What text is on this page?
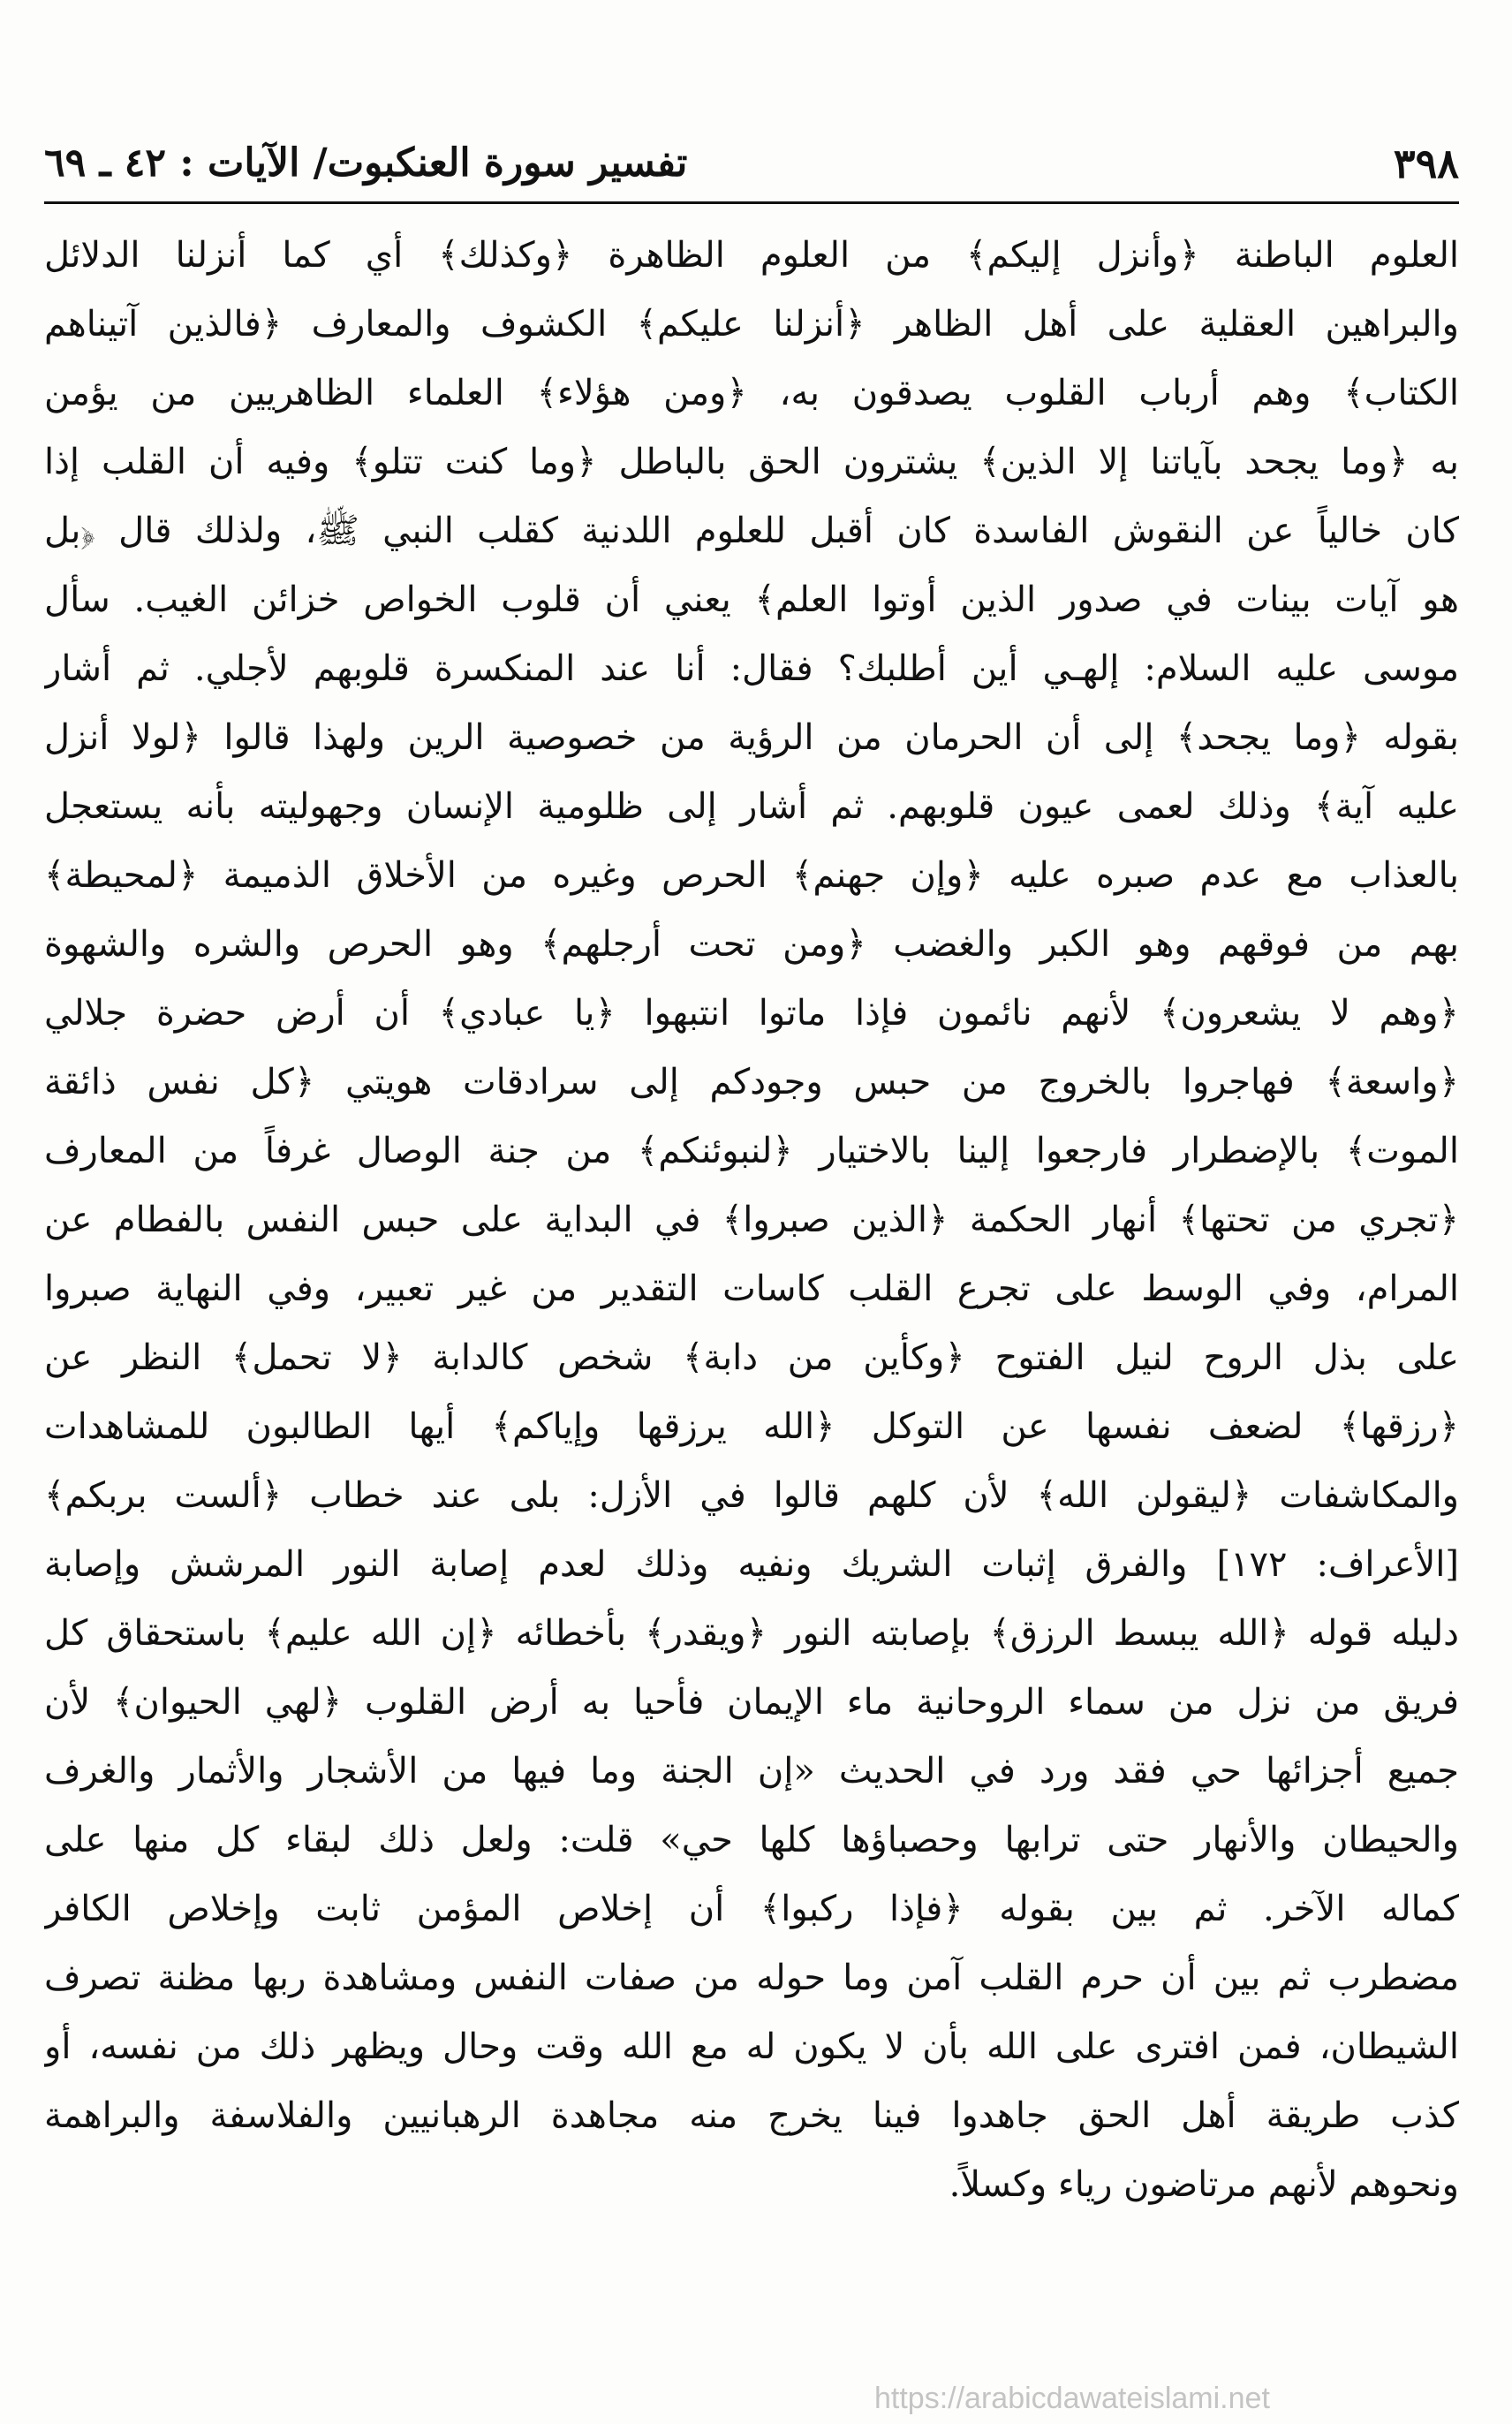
٣٩٨
تفسير سورة العنكبوت/ الآيات : ٤٢ ـ ٦٩
العلوم الباطنة ﴿وأنزل إليكم﴾ من العلوم الظاهرة ﴿وكذلك﴾ أي كما أنزلنا الدلائل
والبراهين العقلية على أهل الظاهر ﴿أنزلنا عليكم﴾ الكشوف والمعارف ﴿فالذين آتيناهم
الكتاب﴾ وهم أرباب القلوب يصدقون به، ﴿ومن هؤلاء﴾ العلماء الظاهريين من يؤمن
به ﴿وما يجحد بآياتنا إلا الذين﴾ يشترون الحق بالباطل ﴿وما كنت تتلو﴾ وفيه أن القلب إذا
كان خالياً عن النقوش الفاسدة كان أقبل للعلوم اللدنية كقلب النبي ﷺ، ولذلك قال ﴿بل
هو آيات بينات في صدور الذين أوتوا العلم﴾ يعني أن قلوب الخواص خزائن الغيب. سأل
موسى عليه السلام: إلهـي أين أطلبك؟ فقال: أنا عند المنكسرة قلوبهم لأجلي. ثم أشار
بقوله ﴿وما يجحد﴾ إلى أن الحرمان من الرؤية من خصوصية الرين ولهذا قالوا ﴿لولا أنزل
عليه آية﴾ وذلك لعمى عيون قلوبهم. ثم أشار إلى ظلومية الإنسان وجهوليته بأنه يستعجل
بالعذاب مع عدم صبره عليه ﴿وإن جهنم﴾ الحرص وغيره من الأخلاق الذميمة ﴿لمحيطة﴾
بهم من فوقهم وهو الكبر والغضب ﴿ومن تحت أرجلهم﴾ وهو الحرص والشره والشهوة
﴿وهم لا يشعرون﴾ لأنهم نائمون فإذا ماتوا انتبهوا ﴿يا عبادي﴾ أن أرض حضرة جلالي
﴿واسعة﴾ فهاجروا بالخروج من حبس وجودكم إلى سرادقات هويتي ﴿كل نفس ذائقة
الموت﴾ بالإضطرار فارجعوا إلينا بالاختيار ﴿لنبوئنكم﴾ من جنة الوصال غرفاً من المعارف
﴿تجري من تحتها﴾ أنهار الحكمة ﴿الذين صبروا﴾ في البداية على حبس النفس بالفطام عن
المرام، وفي الوسط على تجرع القلب كاسات التقدير من غير تعبير، وفي النهاية صبروا
على بذل الروح لنيل الفتوح ﴿وكأين من دابة﴾ شخص كالدابة ﴿لا تحمل﴾ النظر عن
﴿رزقها﴾ لضعف نفسها عن التوكل ﴿الله يرزقها وإياكم﴾ أيها الطالبون للمشاهدات
والمكاشفات ﴿ليقولن الله﴾ لأن كلهم قالوا في الأزل: بلى عند خطاب ﴿ألست بربكم﴾
[الأعراف: ١٧٢] والفرق إثبات الشريك ونفيه وذلك لعدم إصابة النور المرشش وإصابة
دليله قوله ﴿الله يبسط الرزق﴾ بإصابته النور ﴿ويقدر﴾ بأخطائه ﴿إن الله عليم﴾ باستحقاق كل
فريق من نزل من سماء الروحانية ماء الإيمان فأحيا به أرض القلوب ﴿لهي الحيوان﴾ لأن
جميع أجزائها حي فقد ورد في الحديث «إن الجنة وما فيها من الأشجار والأثمار والغرف
والحيطان والأنهار حتى ترابها وحصباؤها كلها حي» قلت: ولعل ذلك لبقاء كل منها على
كماله الآخر. ثم بين بقوله ﴿فإذا ركبوا﴾ أن إخلاص المؤمن ثابت وإخلاص الكافر
مضطرب ثم بين أن حرم القلب آمن وما حوله من صفات النفس ومشاهدة ربها مظنة تصرف
الشيطان، فمن افترى على الله بأن لا يكون له مع الله وقت وحال ويظهر ذلك من نفسه، أو
كذب طريقة أهل الحق جاهدوا فينا يخرج منه مجاهدة الرهبانيين والفلاسفة والبراهمة
ونحوهم لأنهم مرتاضون رياء وكسلاً.
https://arabicdawateislami.net
